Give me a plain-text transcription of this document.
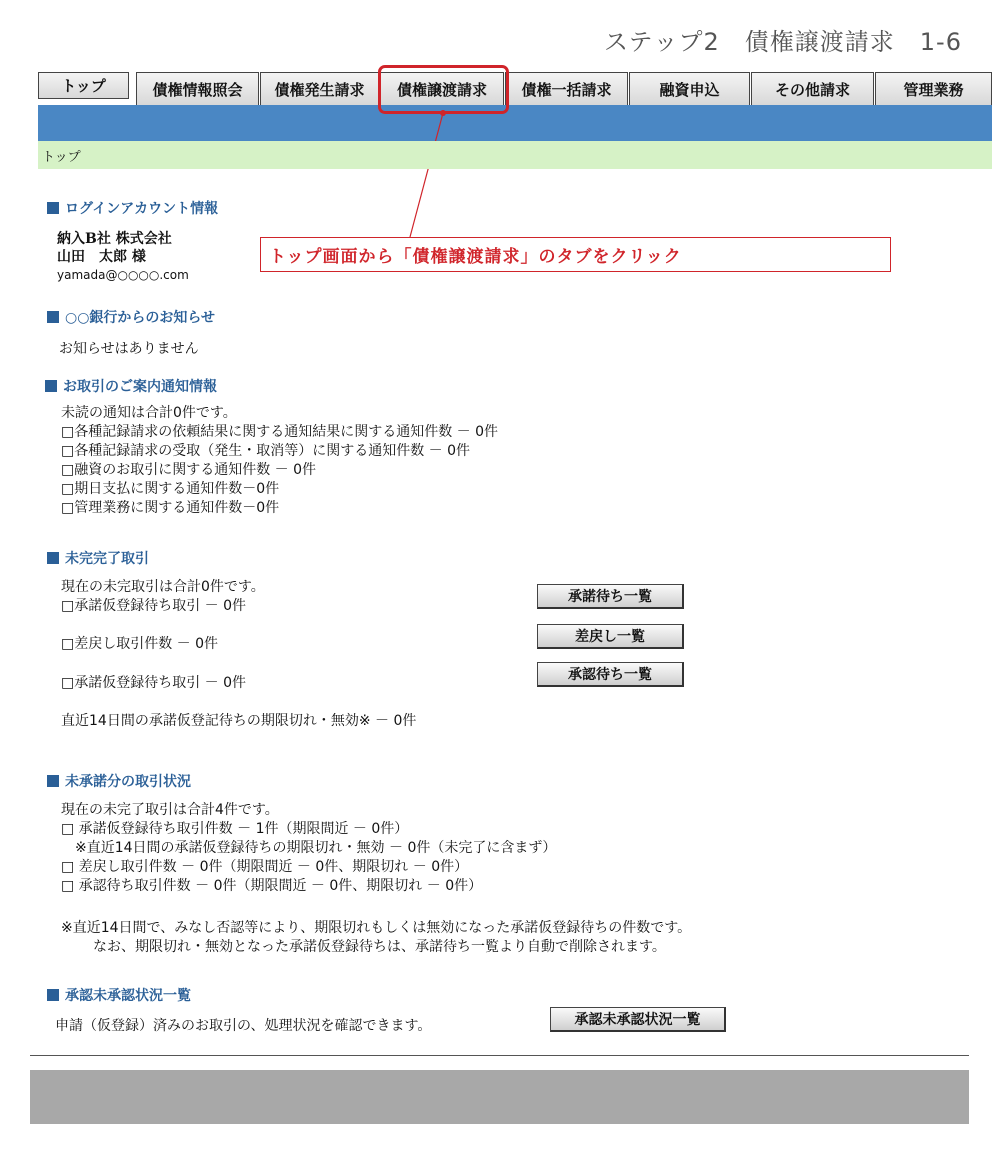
ステップ2　債権譲渡請求　1-6
トップ	債権情報照会	債権発生請求	債権譲渡請求	債権一括請求	融資申込	その他請求	管理業務
トップ
ログインアカウント情報
納入B社 株式会社
山田　太郎 様
yamada@○○○○.com
トップ画面から「債権譲渡請求」のタブをクリック
○○銀行からのお知らせ
お知らせはありません
お取引のご案内通知情報
未読の通知は合計0件です。
□各種記録請求の依頼結果に関する通知結果に関する通知件数 － 0件
□各種記録請求の受取（発生・取消等）に関する通知件数 － 0件
□融資のお取引に関する通知件数 － 0件
□期日支払に関する通知件数－0件
□管理業務に関する通知件数－0件
未完完了取引
現在の未完取引は合計0件です。
□承諾仮登録待ち取引 － 0件
□差戻し取引件数 － 0件
□承諾仮登録待ち取引 － 0件
承諾待ち一覧
差戻し一覧
承認待ち一覧
直近14日間の承諾仮登記待ちの期限切れ・無効※ － 0件
未承諾分の取引状況
現在の未完了取引は合計4件です。
□ 承諾仮登録待ち取引件数 － 1件（期限間近 － 0件）
　※直近14日間の承諾仮登録待ちの期限切れ・無効 － 0件（未完了に含まず）
□ 差戻し取引件数 － 0件（期限間近 － 0件、期限切れ － 0件）
□ 承認待ち取引件数 － 0件（期限間近 － 0件、期限切れ － 0件）
※直近14日間で、みなし否認等により、期限切れもしくは無効になった承諾仮登録待ちの件数です。
なお、期限切れ・無効となった承諾仮登録待ちは、承諾待ち一覧より自動で削除されます。
承認未承認状況一覧
申請（仮登録）済みのお取引の、処理状況を確認できます。	承認未承認状況一覧
